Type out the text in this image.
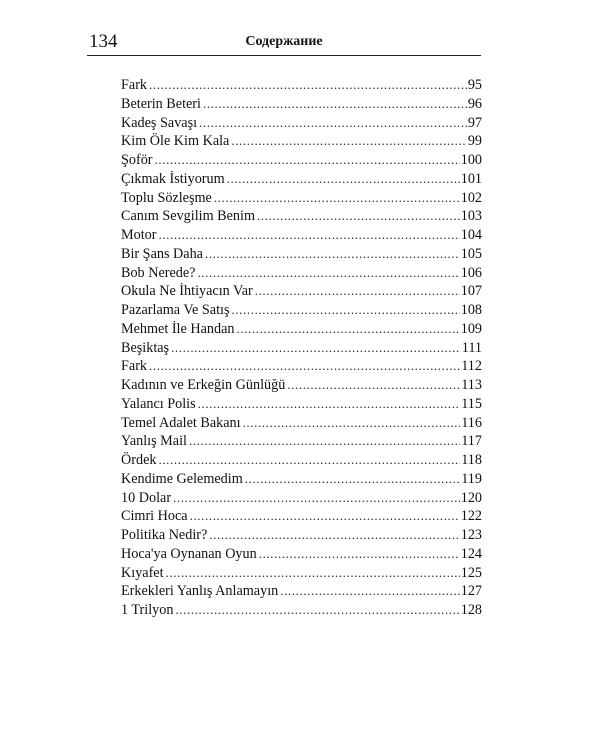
134	Содержание
Fark .....	95
Beterin Beteri .....	96
Kadeş Savaşı .....	97
Kim Öle Kim Kala .....	99
Şoför .....	100
Çıkmak İstiyorum .....	101
Toplu Sözleşme .....	102
Canım Sevgilim Benim .....	103
Motor .....	104
Bir Şans Daha .....	105
Bob Nerede? .....	106
Okula Ne İhtiyacın Var .....	107
Pazarlama Ve Satış .....	108
Mehmet İle Handan .....	109
Beşiktaş .....	111
Fark .....	112
Kadının ve Erkeğin Günlüğü .....	113
Yalancı Polis .....	115
Temel Adalet Bakanı .....	116
Yanlış Mail .....	117
Ördek .....	118
Kendime Gelemedim .....	119
10 Dolar .....	120
Cimri Hoca .....	122
Politika Nedir? .....	123
Hoca'ya Oynanan Oyun .....	124
Kıyafet .....	125
Erkekleri Yanlış Anlamayın .....	127
1 Trilyon .....	128
